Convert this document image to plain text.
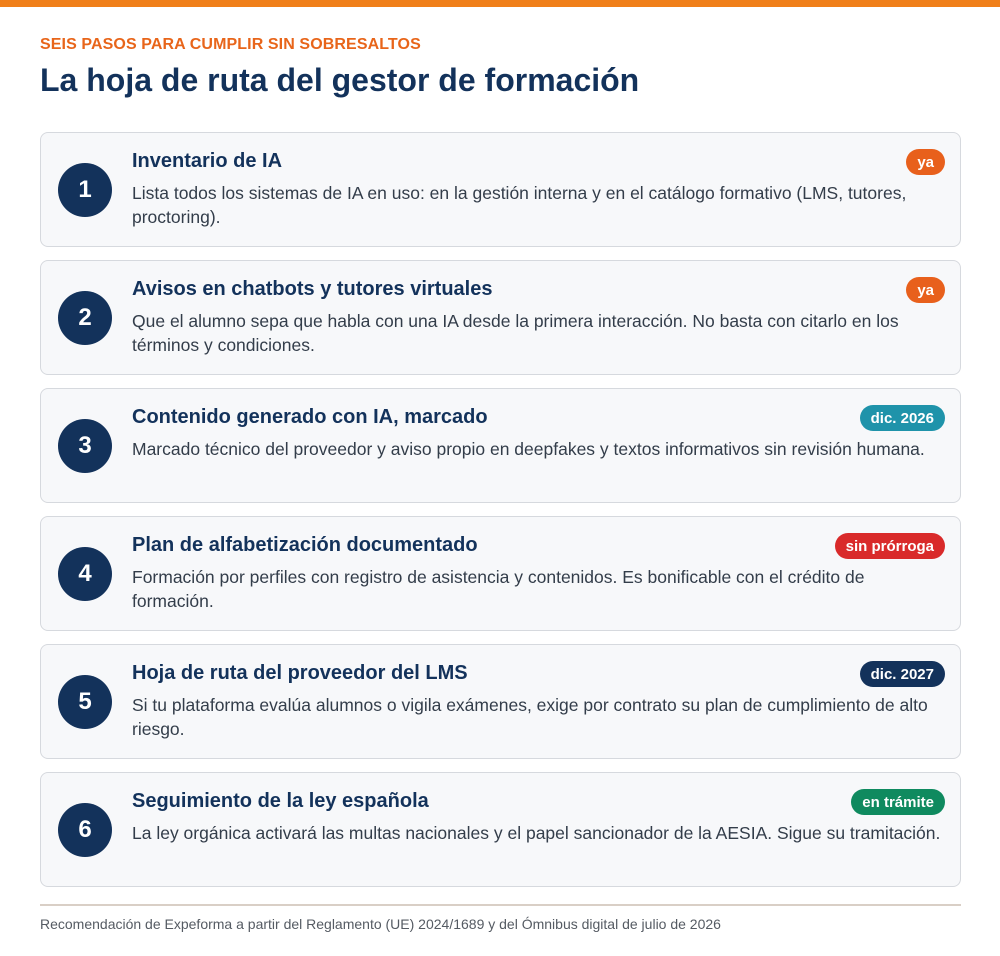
SEIS PASOS PARA CUMPLIR SIN SOBRESALTOS
La hoja de ruta del gestor de formación
1
Inventario de IA
Lista todos los sistemas de IA en uso: en la gestión interna y en el catálogo formativo (LMS, tutores, proctoring).
ya
2
Avisos en chatbots y tutores virtuales
Que el alumno sepa que habla con una IA desde la primera interacción. No basta con citarlo en los términos y condiciones.
ya
3
Contenido generado con IA, marcado
Marcado técnico del proveedor y aviso propio en deepfakes y textos informativos sin revisión humana.
dic. 2026
4
Plan de alfabetización documentado
Formación por perfiles con registro de asistencia y contenidos. Es bonificable con el crédito de formación.
sin prórroga
5
Hoja de ruta del proveedor del LMS
Si tu plataforma evalúa alumnos o vigila exámenes, exige por contrato su plan de cumplimiento de alto riesgo.
dic. 2027
6
Seguimiento de la ley española
La ley orgánica activará las multas nacionales y el papel sancionador de la AESIA. Sigue su tramitación.
en trámite
Recomendación de Expeforma a partir del Reglamento (UE) 2024/1689 y del Ómnibus digital de julio de 2026
